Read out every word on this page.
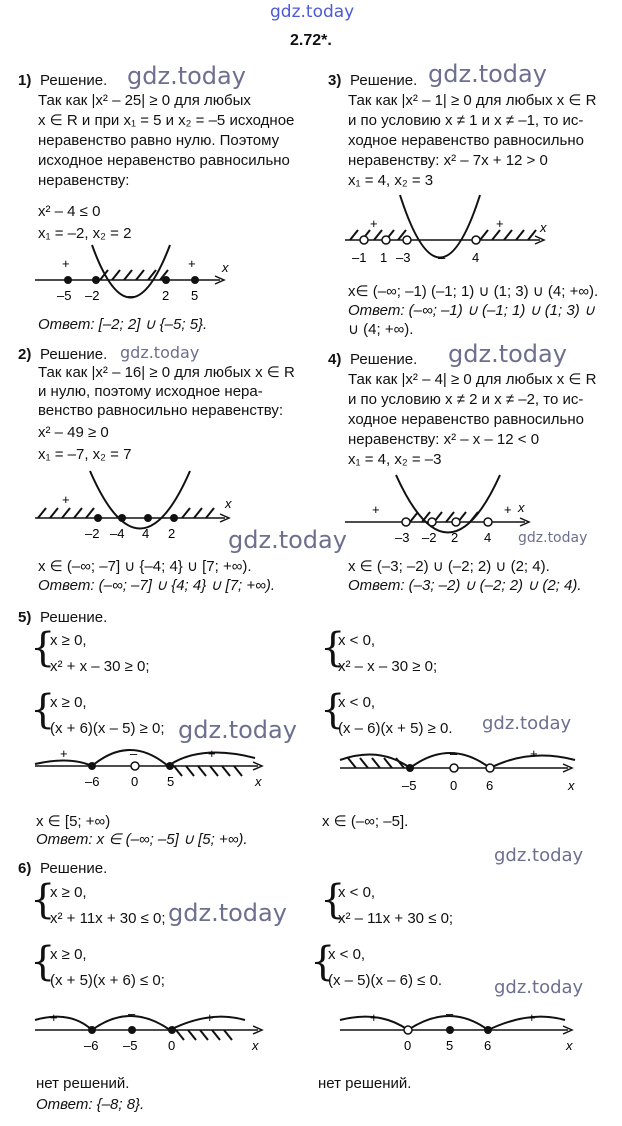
gdz.today
gdz.today	gdz.today
gdz.today	gdz.today
gdz.today	gdz.today
gdz.today	gdz.today
gdz.today
gdz.today
gdz.today
2.72*.
1) Решение.
Так как |x² – 25| ≥ 0 для любых
x ∈ R и при x₁ = 5 и x₂ = –5 исходное
неравенство равно нулю. Поэтому
исходное неравенство равносильно
неравенству:
x² – 4 ≤ 0
x₁ = –2, x₂ = 2
+	+ x
–5 –2 – 2 5
Ответ: [–2; 2] ∪ {–5; 5}.
2) Решение.
Так как |x² – 16| ≥ 0 для любых x ∈ R
и нулю, поэтому исходное нера-
венство равносильно неравенству:
x² – 49 ≥ 0
x₁ = –7, x₂ = 7
+	x
–2 –4 4 2
x ∈ (–∞; –7] ∪ {–4; 4} ∪ [7; +∞).
Ответ: (–∞; –7] ∪ {4; 4} ∪ [7; +∞).
3) Решение.
Так как |x² – 1| ≥ 0 для любых x ∈ R
и по условию x ≠ 1 и x ≠ –1, то ис-
ходное неравенство равносильно
неравенству: x² – 7x + 12 > 0
x₁ = 4, x₂ = 3
+	+	x
–1 1 –3 – 4
x∈ (–∞; –1) (–1; 1) ∪ (1; 3) ∪ (4; +∞).
Ответ: (–∞; –1) ∪ (–1; 1) ∪ (1; 3) ∪
∪ (4; +∞).
4) Решение.
Так как |x² – 4| ≥ 0 для любых x ∈ R
и по условию x ≠ 2 и x ≠ –2, то ис-
ходное неравенство равносильно
неравенству: x² – x – 12 < 0
x₁ = 4, x₂ = –3
+	+ x
–3 –2 2 4
x ∈ (–3; –2) ∪ (–2; 2) ∪ (2; 4).
Ответ: (–3; –2) ∪ (–2; 2) ∪ (2; 4).
5) Решение.
{
x ≥ 0,
x² + x – 30 ≥ 0;
{
x ≥ 0,
(x + 6)(x – 5) ≥ 0;
{
x < 0,
x² – x – 30 ≥ 0;
{
x < 0,
(x – 6)(x + 5) ≥ 0.
+	–	+
x
–6 0 5
–	+
x
–5	0 6
x ∈ [5; +∞)	x ∈ (–∞; –5].
Ответ: x ∈ (–∞; –5] ∪ [5; +∞).
6) Решение.
{
x ≥ 0,
x² + 11x + 30 ≤ 0;
{
x ≥ 0,
(x + 5)(x + 6) ≤ 0;
{
x < 0,
x² – 11x + 30 ≤ 0;
{
x < 0,
(x – 5)(x – 6) ≤ 0.
+	–	+
x
–6 –5 0
+	–	+
x
0	5 6
нет решений.	нет решений.
Ответ: {–8; 8}.
